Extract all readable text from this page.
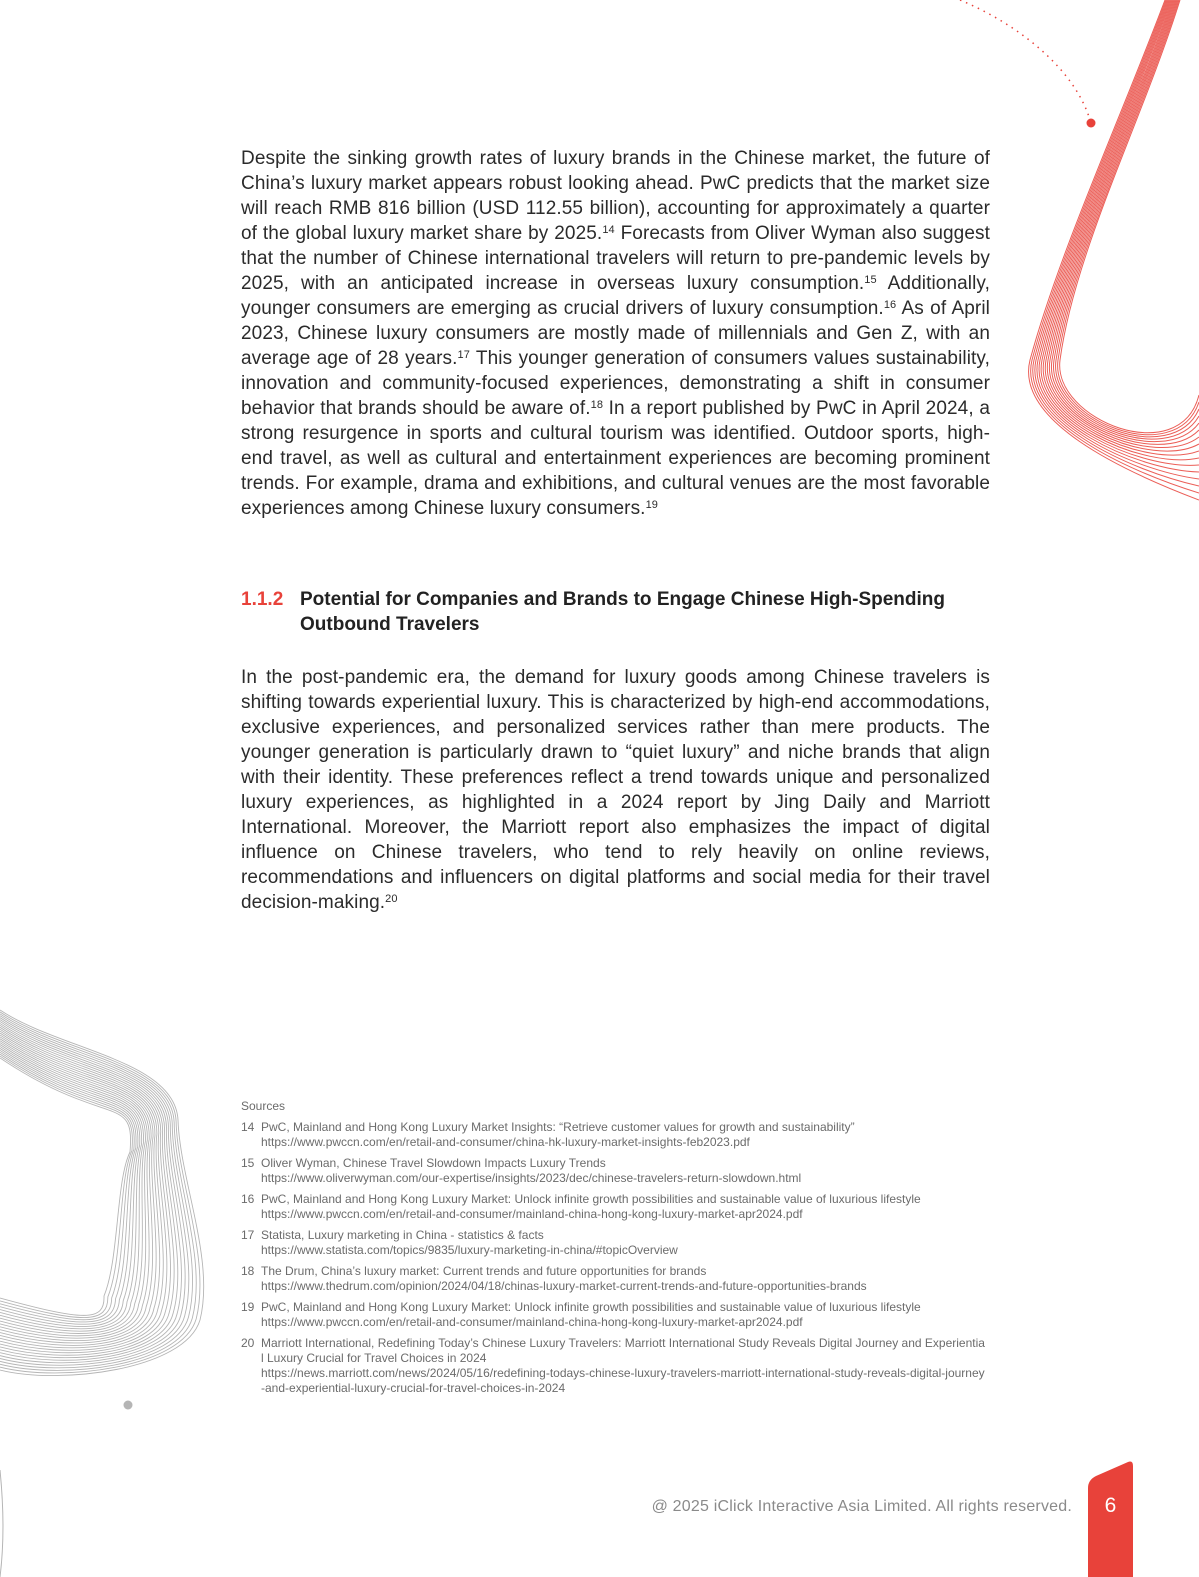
Despite the sinking growth rates of luxury brands in the Chinese market, the future of China’s luxury market appears robust looking ahead. PwC predicts that the market size will reach RMB 816 billion (USD 112.55 billion), accounting for approximately a quarter of the global luxury market share by 2025.14 Forecasts from Oliver Wyman also suggest that the number of Chinese international travelers will return to pre-pandemic levels by 2025, with an anticipated increase in overseas luxury consumption.$^{15}$ Additionally, younger consumers are emerging as crucial drivers of luxury consumption.$^{16}$ As of April 2023, Chinese luxury consumers are mostly made of millennials and Gen Z, with an average age of 28 years.$^{17}$ This younger generation of consumers values sustainability, innovation and community-focused experiences, demonstrating a shift in consumer behavior that brands should be aware of.$^{18}$ In a report published by PwC in April 2024, a strong resurgence in sports and cultural tourism was identified. Outdoor sports, high-end travel, as well as cultural and entertainment experiences are becoming prominent trends. For example, drama and exhibitions, and cultural venues are the most favorable experiences among Chinese luxury consumers.$^{19}$

1.1.2 Potential for Companies and Brands to Engage Chinese High-Spending Outbound Travelers

In the post-pandemic era, the demand for luxury goods among Chinese travelers is shifting towards experiential luxury. This is characterized by high-end accommodations, exclusive experiences, and personalized services rather than mere products. The younger generation is particularly drawn to “quiet luxury” and niche brands that align with their identity. These preferences reflect a trend towards unique and personalized luxury experiences, as highlighted in a 2024 report by Jing Daily and Marriott International. Moreover, the Marriott report also emphasizes the impact of digital influence on Chinese travelers, who tend to rely heavily on online reviews, recommendations and influencers on digital platforms and social media for their travel decision-making.$^{20}$

Sources
14 PwC, Mainland and Hong Kong Luxury Market Insights: “Retrieve customer values for growth and sustainability”
https://www.pwccn.com/en/retail-and-consumer/china-hk-luxury-market-insights-feb2023.pdf
15 Oliver Wyman, Chinese Travel Slowdown Impacts Luxury Trends
https://www.oliverwyman.com/our-expertise/insights/2023/dec/chinese-travelers-return-slowdown.html
16 PwC, Mainland and Hong Kong Luxury Market: Unlock infinite growth possibilities and sustainable value of luxurious lifestyle
https://www.pwccn.com/en/retail-and-consumer/mainland-china-hong-kong-luxury-market-apr2024.pdf
17 Statista, Luxury marketing in China - statistics & facts
https://www.statista.com/topics/9835/luxury-marketing-in-china/#topicOverview
18 The Drum, China’s luxury market: Current trends and future opportunities for brands
https://www.thedrum.com/opinion/2024/04/18/chinas-luxury-market-current-trends-and-future-opportunities-brands
19 PwC, Mainland and Hong Kong Luxury Market: Unlock infinite growth possibilities and sustainable value of luxurious lifestyle
https://www.pwccn.com/en/retail-and-consumer/mainland-china-hong-kong-luxury-market-apr2024.pdf
20 Marriott International, Redefining Today’s Chinese Luxury Travelers: Marriott International Study Reveals Digital Journey and Experiential Luxury Crucial for Travel Choices in 2024
https://news.marriott.com/news/2024/05/16/redefining-todays-chinese-luxury-travelers-marriott-international-study-reveals-digital-journey-and-experiential-luxury-crucial-for-travel-choices-in-2024
@ 2025 iClick Interactive Asia Limited. All rights reserved.	6
